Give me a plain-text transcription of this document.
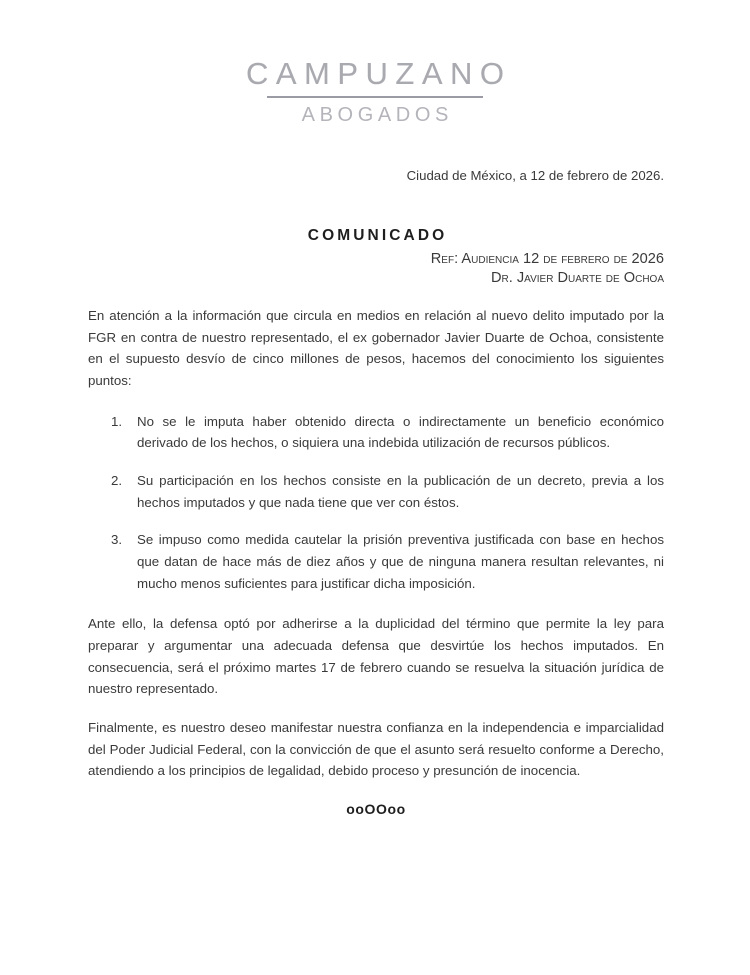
CAMPUZANO
ABOGADOS
Ciudad de México, a 12 de febrero de 2026.
COMUNICADO
Ref: Audiencia 12 de febrero de 2026
Dr. Javier Duarte de Ochoa

En atención a la información que circula en medios en relación al nuevo delito imputado por la FGR en contra de nuestro representado, el ex gobernador Javier Duarte de Ochoa, consistente en el supuesto desvío de cinco millones de pesos, hacemos del conocimiento los siguientes puntos:

No se le imputa haber obtenido directa o indirectamente un beneficio económico derivado de los hechos, o siquiera una indebida utilización de recursos públicos.
Su participación en los hechos consiste en la publicación de un decreto, previa a los hechos imputados y que nada tiene que ver con éstos.
Se impuso como medida cautelar la prisión preventiva justificada con base en hechos que datan de hace más de diez años y que de ninguna manera resultan relevantes, ni mucho menos suficientes para justificar dicha imposición.

Ante ello, la defensa optó por adherirse a la duplicidad del término que permite la ley para preparar y argumentar una adecuada defensa que desvirtúe los hechos imputados. En consecuencia, será el próximo martes 17 de febrero cuando se resuelva la situación jurídica de nuestro representado.

Finalmente, es nuestro deseo manifestar nuestra confianza en la independencia e imparcialidad del Poder Judicial Federal, con la convicción de que el asunto será resuelto conforme a Derecho, atendiendo a los principios de legalidad, debido proceso y presunción de inocencia.

ooOOoo
